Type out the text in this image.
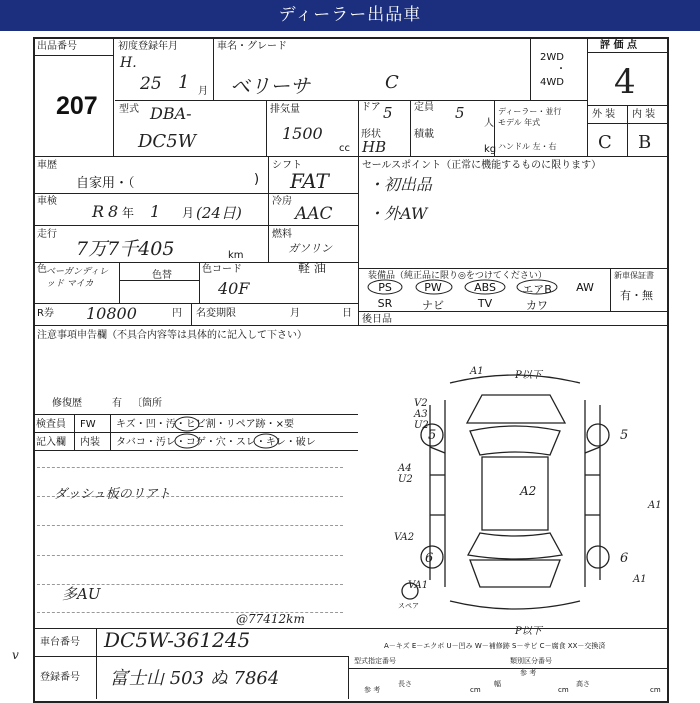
ディーラー出品車
出品番号
207
初度登録年月
H.
25 1 月
車名・グレード
ベリーサ	C
2WD
・
4WD
評 価 点
4
外 装 内 装
C B
型式 DBA-
DC5W
排気量
1500
cc
ドア 5
形状
HB
定員 5
人
積載
kg
ディーラー・並行
モデル 年式
ハンドル 左・右
車歴
自家用・（	)
シフト
FAT
車検
R 8 年 1 月 (24日)
冷房
AAC
走行
7万7千405	km
燃料
ガソリン
軽 油
色 ベーガンディレッド マイカ
色替
色コード
40F
R券 10800	円 名変期限	月	日
セールスポイント（正常に機能するものに限ります）
・初出品
・外AW
装備品（純正品に限り◎をつけてください）
PS	PW	ABS	エアB	AW
SR	ナビ	TV	カワ
新車保証書
有・無
後日品
注意事項申告欄（不具合内容等は具体的に記入して下さい）
修復歴	有 〔箇所
検査員
記入欄
FW
内装
キズ・凹・汚・ヒビ割・リペア跡・×要
タバコ・汚レ・コゲ・穴・スレ・キレ・破レ
ダッシュ板のリアト
多AU
@77412km
A1	P以下
V2
A3
U2
5	5
A2
A4
U2
A1
VA2
6	6
VA1
A1
P以下
スペア
A－キズ E－エクボ U－凹み W－補修跡 S－サビ C－腐食 XX－交換済
車台番号 DC5W-361245
登録番号 富士山 503 ぬ 7864
型式指定番号
参 考
類別区分番号
参 考
長さ
cm
幅
cm
高さ
cm
v
